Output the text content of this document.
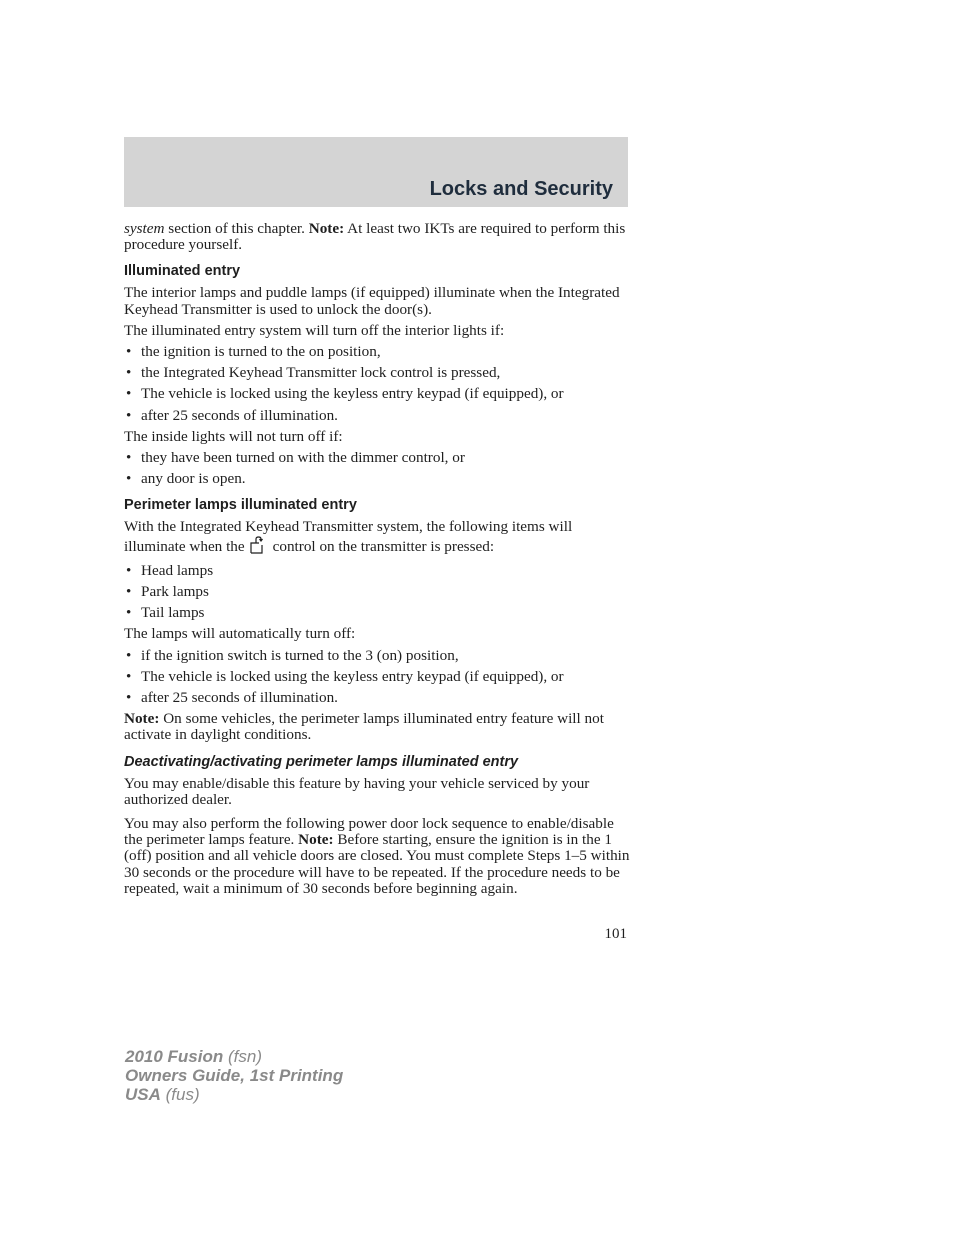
Locks and Security

system section of this chapter. Note: At least two IKTs are required to perform this procedure yourself.

Illuminated entry

The interior lamps and puddle lamps (if equipped) illuminate when the Integrated Keyhead Transmitter is used to unlock the door(s).

The illuminated entry system will turn off the interior lights if:

• the ignition is turned to the on position,
• the Integrated Keyhead Transmitter lock control is pressed,
• The vehicle is locked using the keyless entry keypad (if equipped), or
• after 25 seconds of illumination.

The inside lights will not turn off if:

• they have been turned on with the dimmer control, or
• any door is open.
Perimeter lamps illuminated entry

With the Integrated Keyhead Transmitter system, the following items will illuminate when the control on the transmitter is pressed:

• Head lamps
• Park lamps
• Tail lamps

The lamps will automatically turn off:

• if the ignition switch is turned to the 3 (on) position,
• The vehicle is locked using the keyless entry keypad (if equipped), or
• after 25 seconds of illumination.

Note: On some vehicles, the perimeter lamps illuminated entry feature will not activate in daylight conditions.

Deactivating/activating perimeter lamps illuminated entry

You may enable/disable this feature by having your vehicle serviced by your authorized dealer.

You may also perform the following power door lock sequence to enable/disable the perimeter lamps feature. Note: Before starting, ensure the ignition is in the 1 (off) position and all vehicle doors are closed. You must complete Steps 1–5 within 30 seconds or the procedure will have to be repeated. If the procedure needs to be repeated, wait a minimum of 30 seconds before beginning again.

101
2010 Fusion (fsn)
Owners Guide, 1st Printing
USA (fus)
